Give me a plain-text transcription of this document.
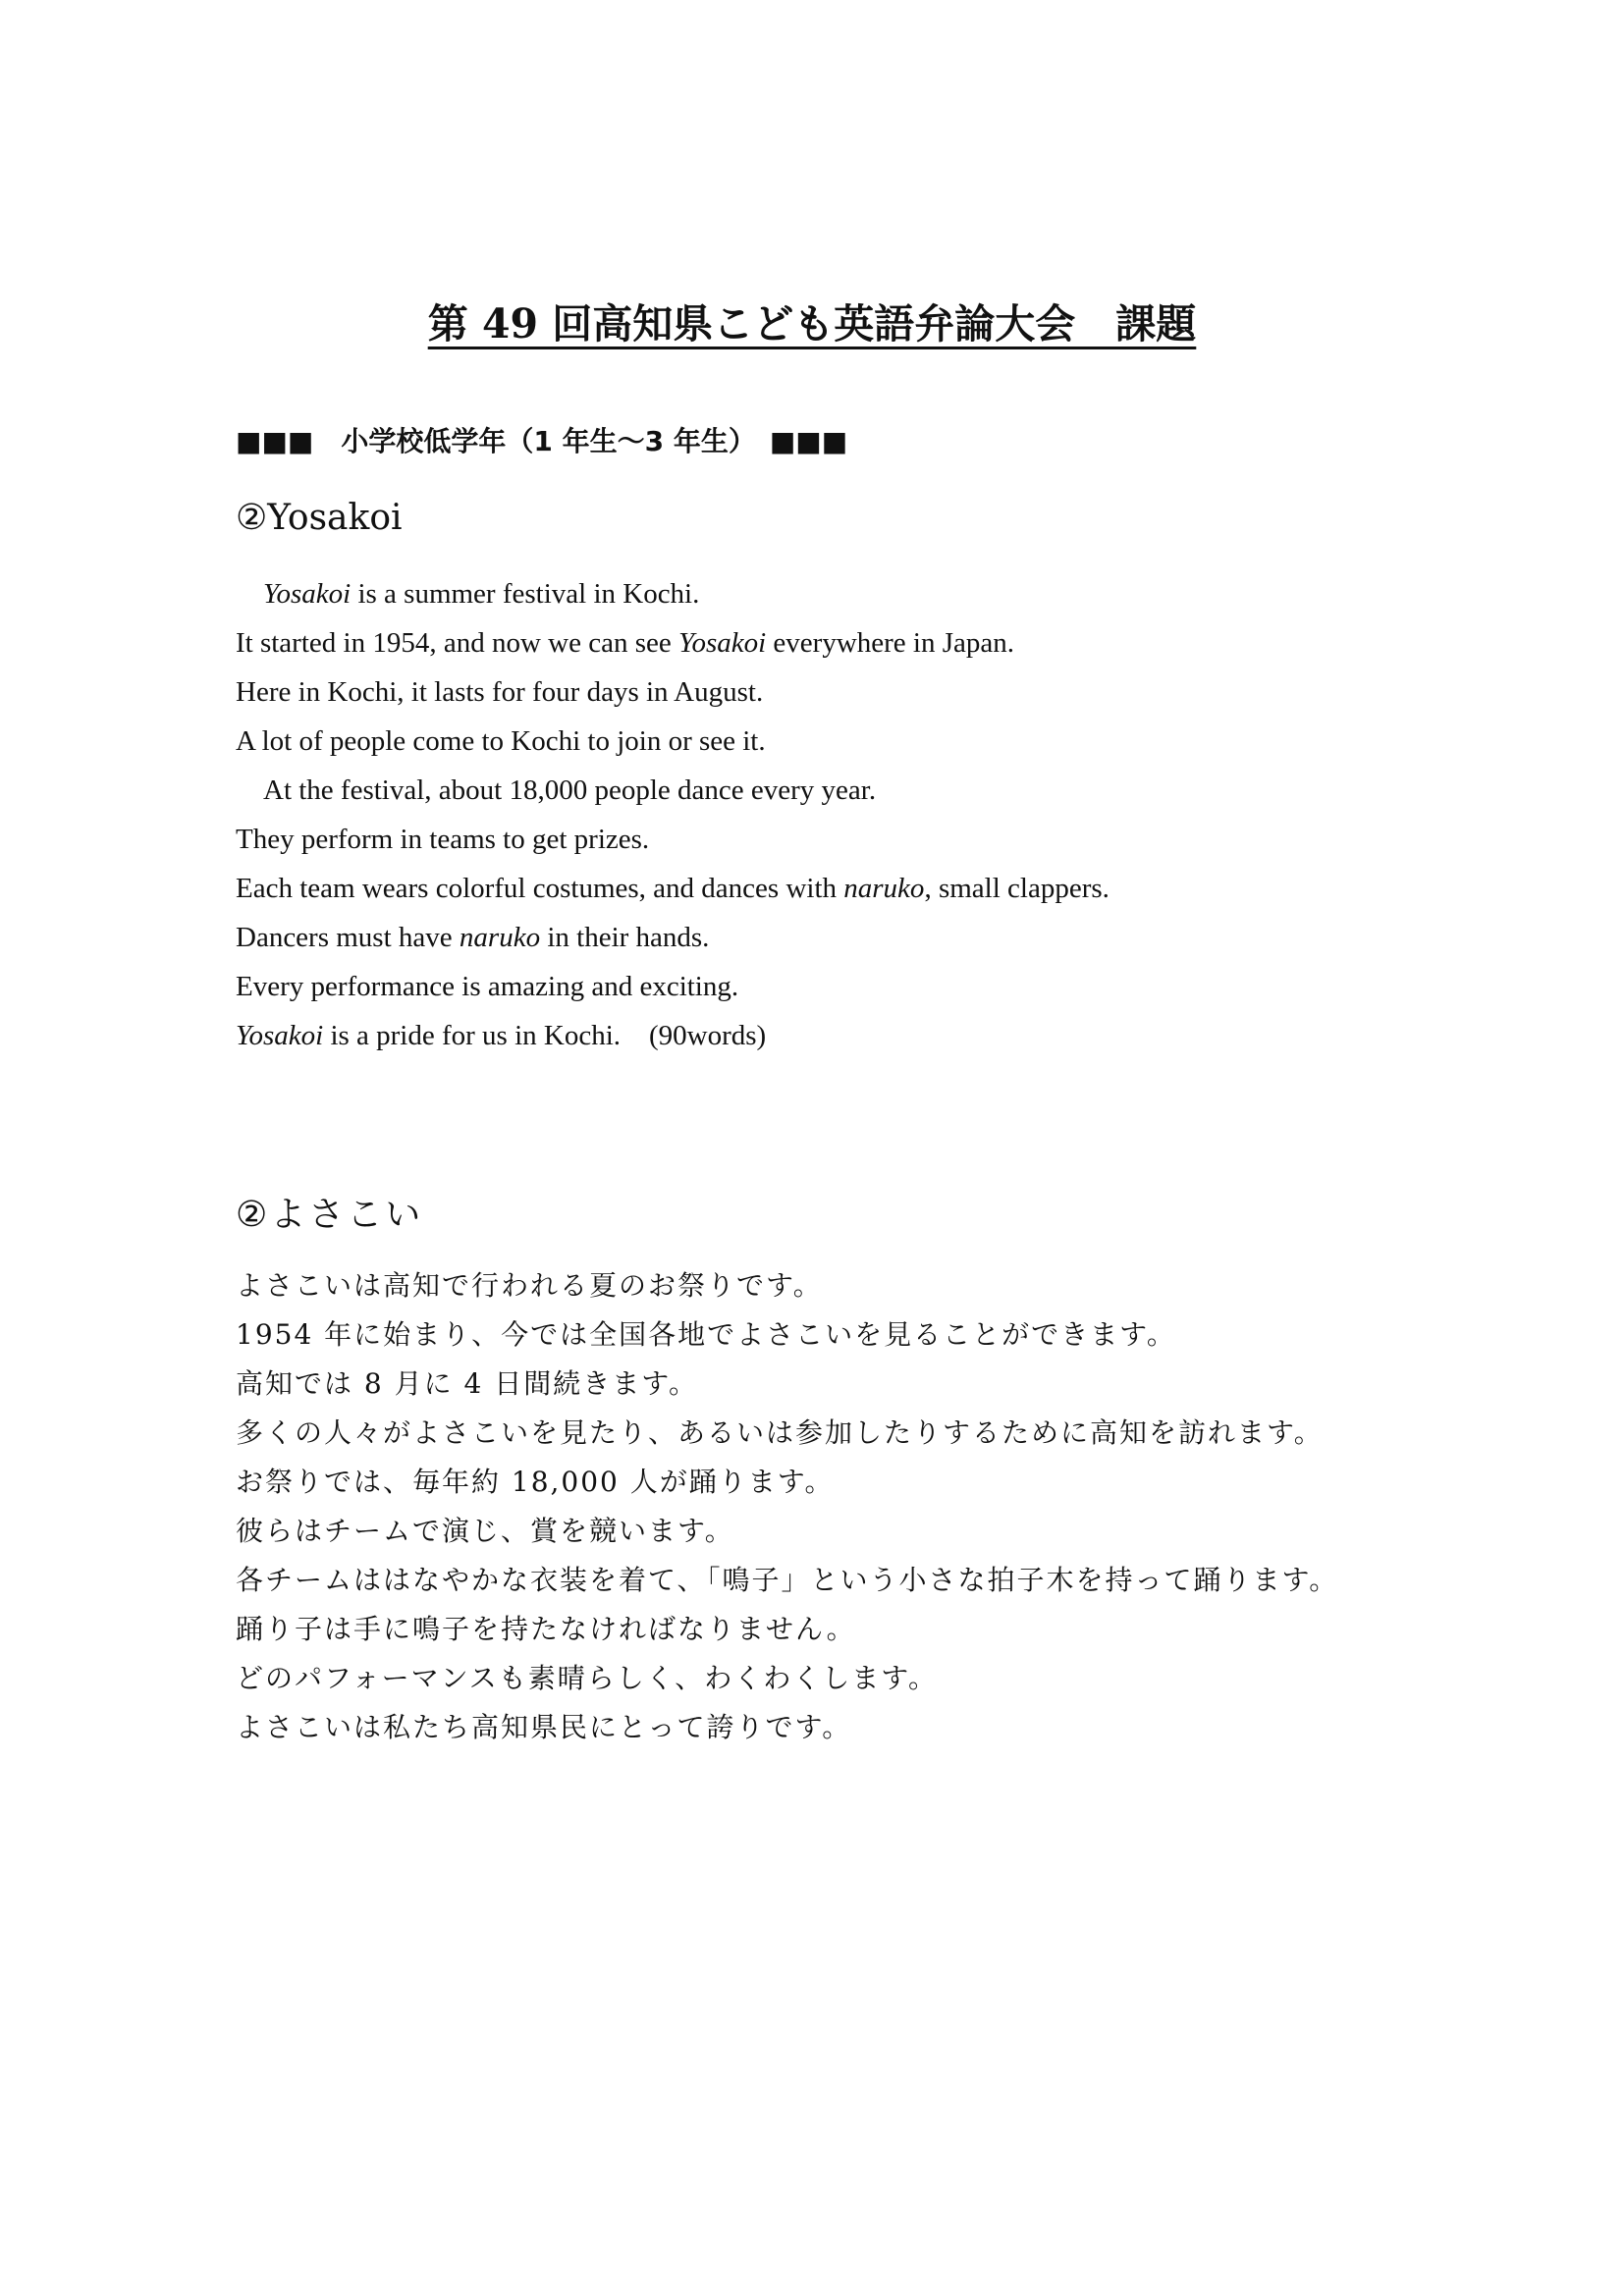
第 49 回高知県こども英語弁論大会　課題
■■■　小学校低学年（1 年生〜3 年生）　■■■
②Yosakoi
Yosakoi is a summer festival in Kochi.
It started in 1954, and now we can see Yosakoi everywhere in Japan.
Here in Kochi, it lasts for four days in August.
A lot of people come to Kochi to join or see it.
At the festival, about 18,000 people dance every year.
They perform in teams to get prizes.
Each team wears colorful costumes, and dances with naruko, small clappers.
Dancers must have naruko in their hands.
Every performance is amazing and exciting.
Yosakoi is a pride for us in Kochi.　(90words)
②よさこい
よさこいは高知で行われる夏のお祭りです。
1954 年に始まり、今では全国各地でよさこいを見ることができます。
高知では 8 月に 4 日間続きます。
多くの人々がよさこいを見たり、あるいは参加したりするために高知を訪れます。
お祭りでは、毎年約 18,000 人が踊ります。
彼らはチームで演じ、賞を競います。
各チームははなやかな衣装を着て、「鳴子」という小さな拍子木を持って踊ります。
踊り子は手に鳴子を持たなければなりません。
どのパフォーマンスも素晴らしく、わくわくします。
よさこいは私たち高知県民にとって誇りです。
